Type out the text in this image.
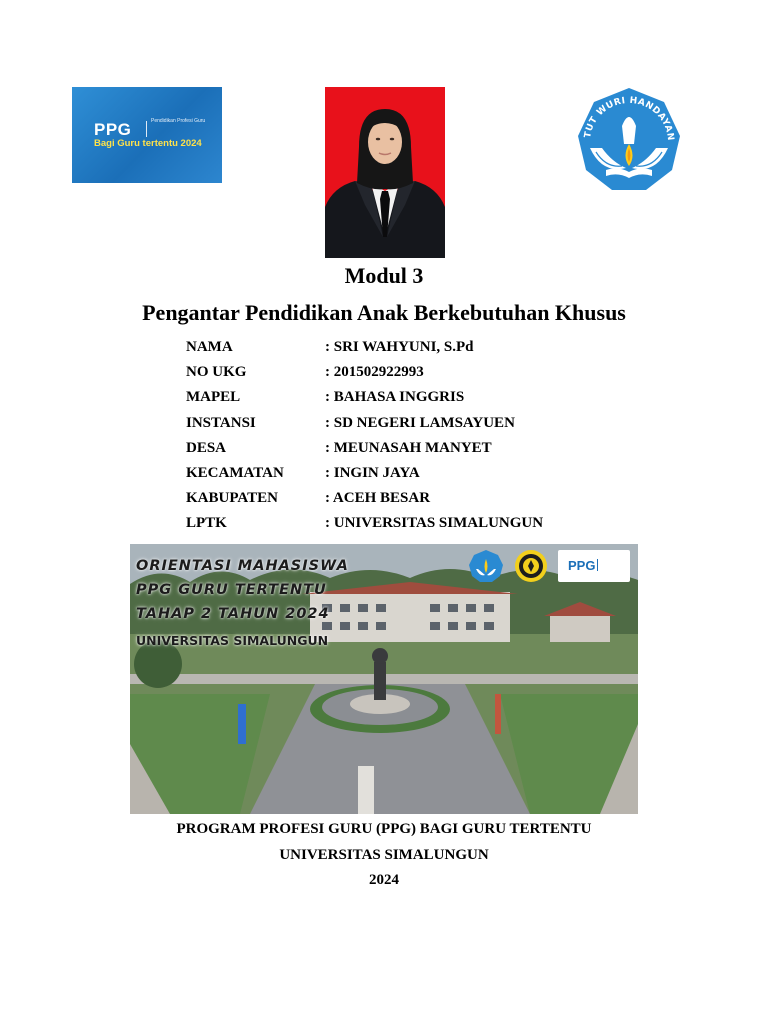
PPG	Pendidikan Profesi Guru
Bagi Guru tertentu 2024
TUT WURI HANDAYAN
Modul 3
Pengantar Pendidikan Anak Berkebutuhan Khusus
NAMA	: SRI WAHYUNI, S.Pd
NO UKG	: 201502922993
MAPEL	: BAHASA INGGRIS
INSTANSI	: SD NEGERI LAMSAYUEN
DESA	: MEUNASAH MANYET
KECAMATAN	: INGIN JAYA
KABUPATEN	: ACEH BESAR
LPTK	: UNIVERSITAS SIMALUNGUN
ORIENTASI MAHASISWA
PPG GURU TERTENTU
TAHAP 2 TAHUN 2024
UNIVERSITAS SIMALUNGUN
PPG
PROGRAM PROFESI GURU (PPG) BAGI GURU TERTENTU
UNIVERSITAS SIMALUNGUN
2024
